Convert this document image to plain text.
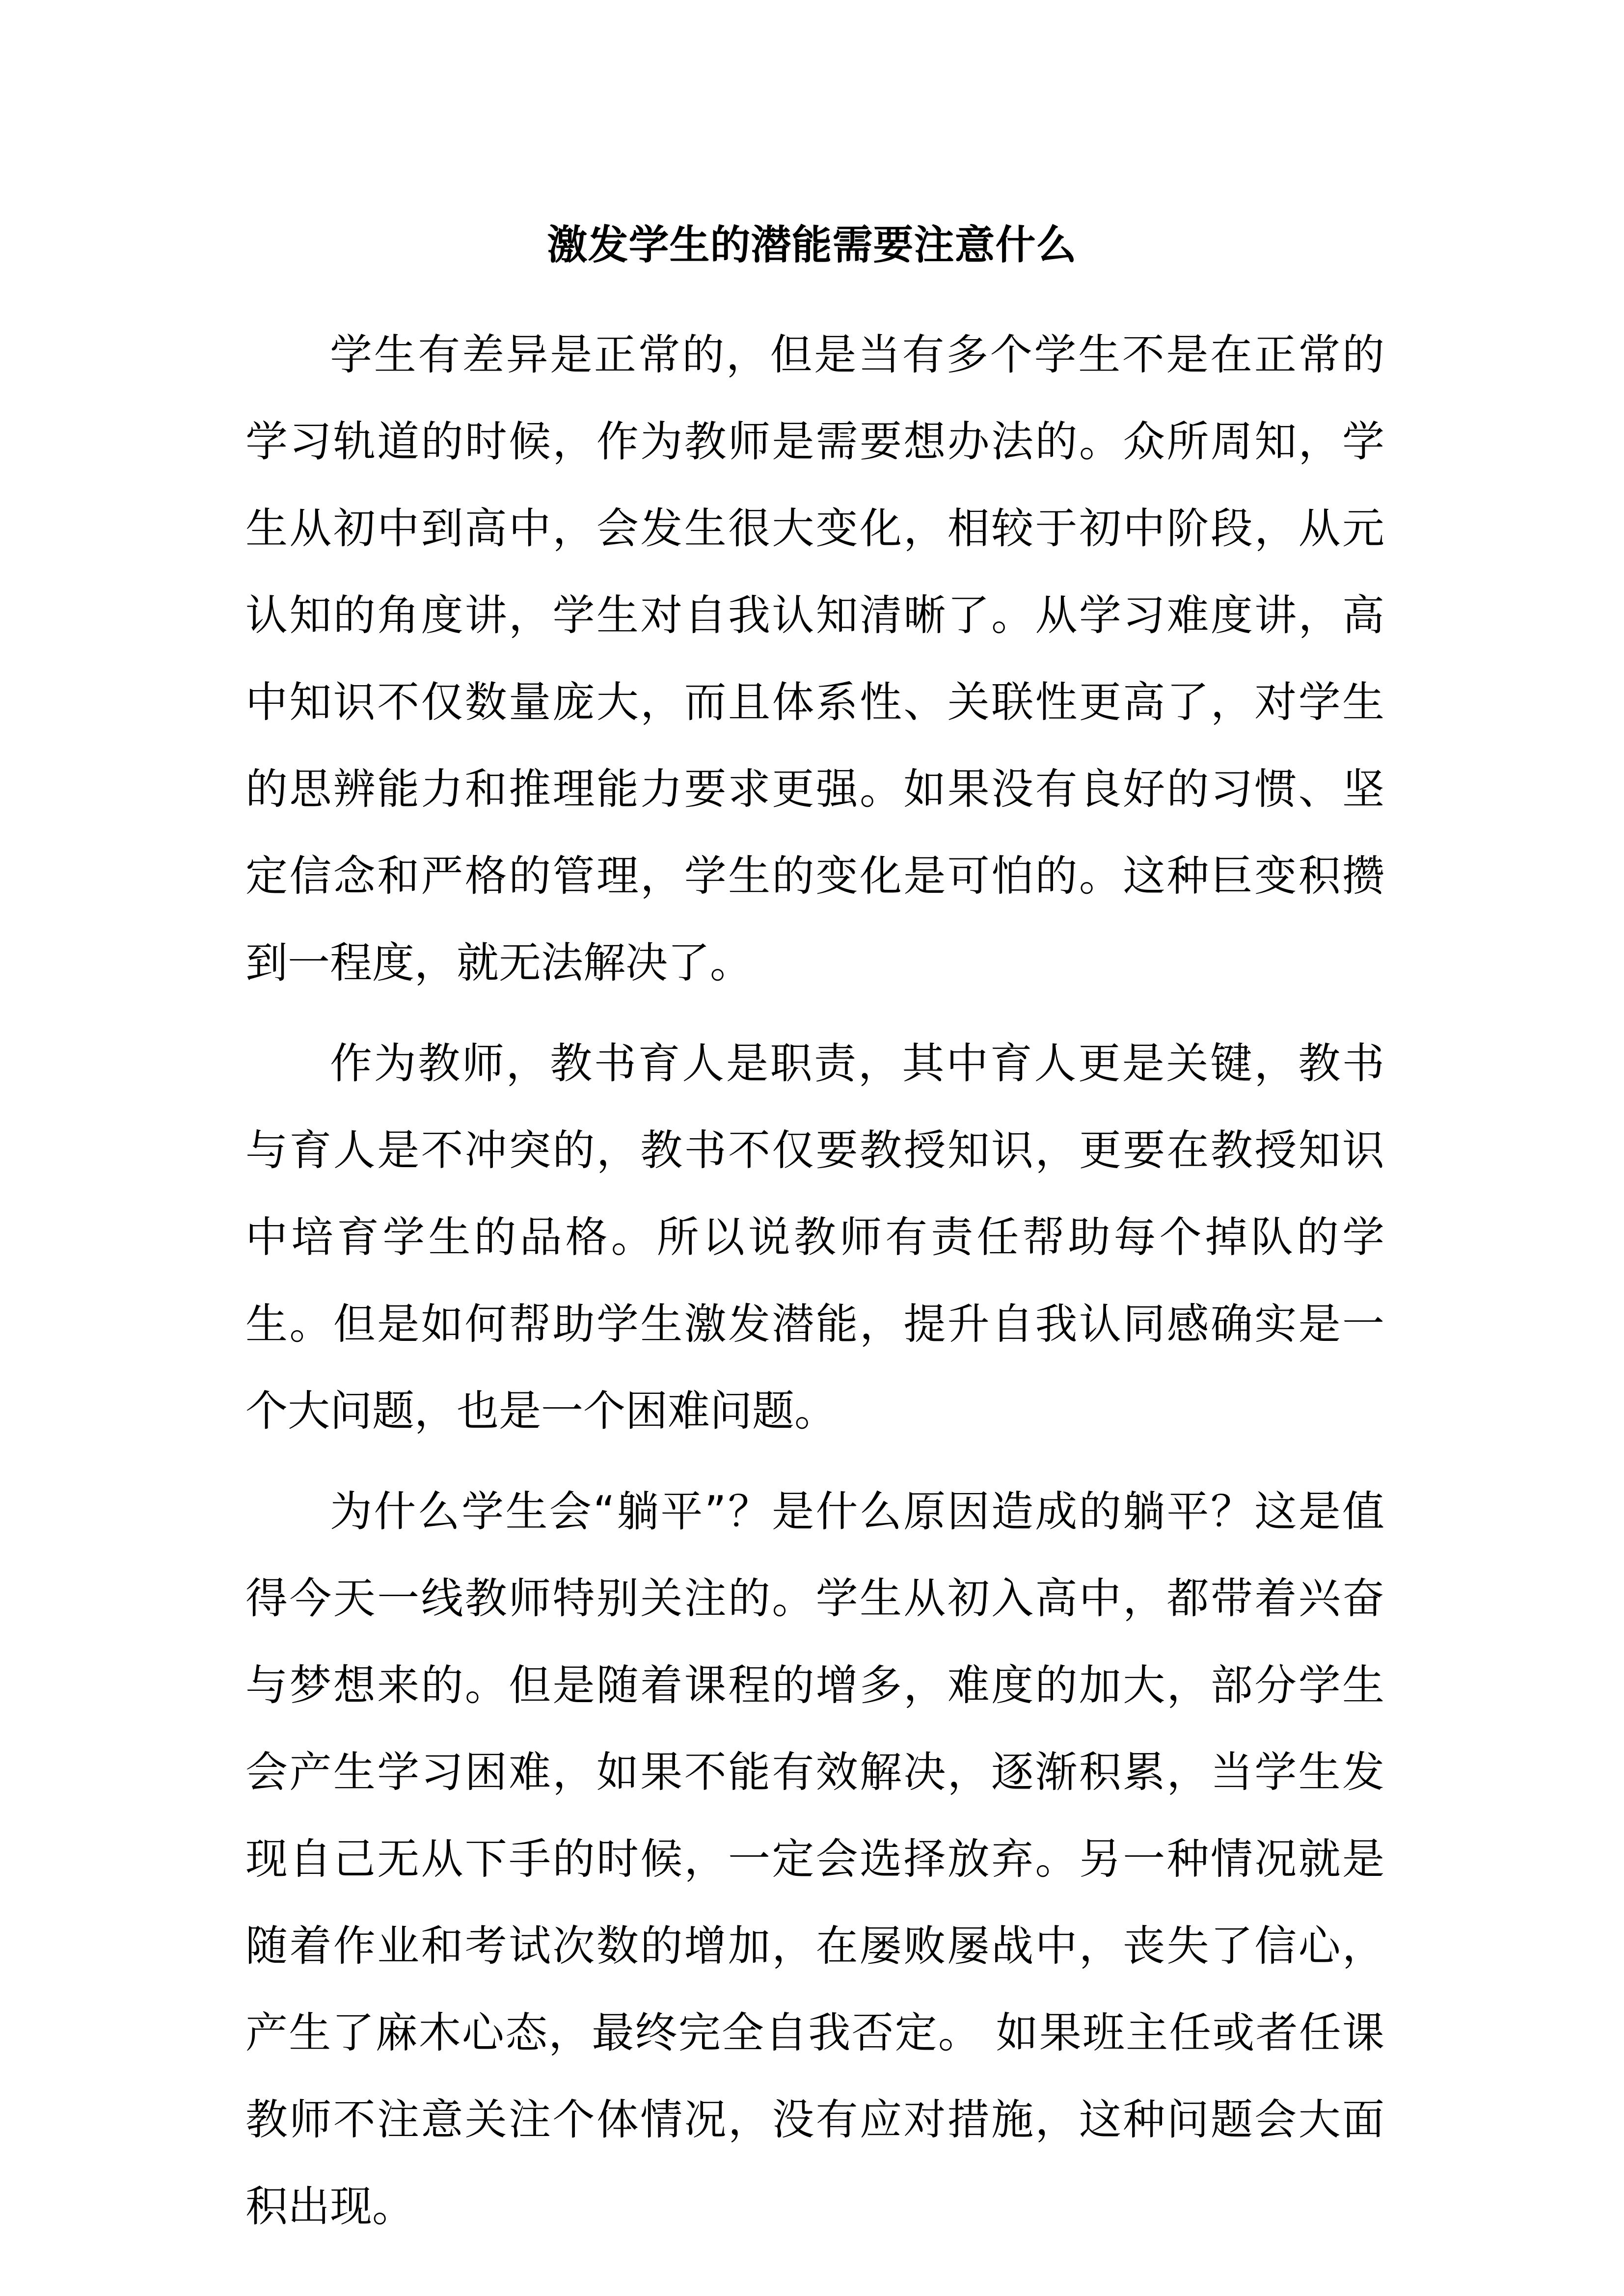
激发学生的潜能需要注意什么

学生有差异是正常的，但是当有多个学生不是在正常的学习轨道的时候，作为教师是需要想办法的。众所周知，学生从初中到高中，会发生很大变化，相较于初中阶段，从元认知的角度讲，学生对自我认知清晰了。从学习难度讲，高中知识不仅数量庞大，而且体系性、关联性更高了，对学生的思辨能力和推理能力要求更强。如果没有良好的习惯、坚定信念和严格的管理，学生的变化是可怕的。这种巨变积攒到一程度，就无法解决了。

作为教师，教书育人是职责，其中育人更是关键，教书与育人是不冲突的，教书不仅要教授知识，更要在教授知识中培育学生的品格。所以说教师有责任帮助每个掉队的学生。但是如何帮助学生激发潜能，提升自我认同感确实是一个大问题，也是一个困难问题。

为什么学生会“躺平”？是什么原因造成的躺平？这是值得今天一线教师特别关注的。学生从初入高中，都带着兴奋与梦想来的。但是随着课程的增多，难度的加大，部分学生会产生学习困难，如果不能有效解决，逐渐积累，当学生发现自己无从下手的时候，一定会选择放弃。另一种情况就是随着作业和考试次数的增加，在屡败屡战中，丧失了信心，产生了麻木心态，最终完全自我否定。 如果班主任或者任课教师不注意关注个体情况，没有应对措施，这种问题会大面积出现。
